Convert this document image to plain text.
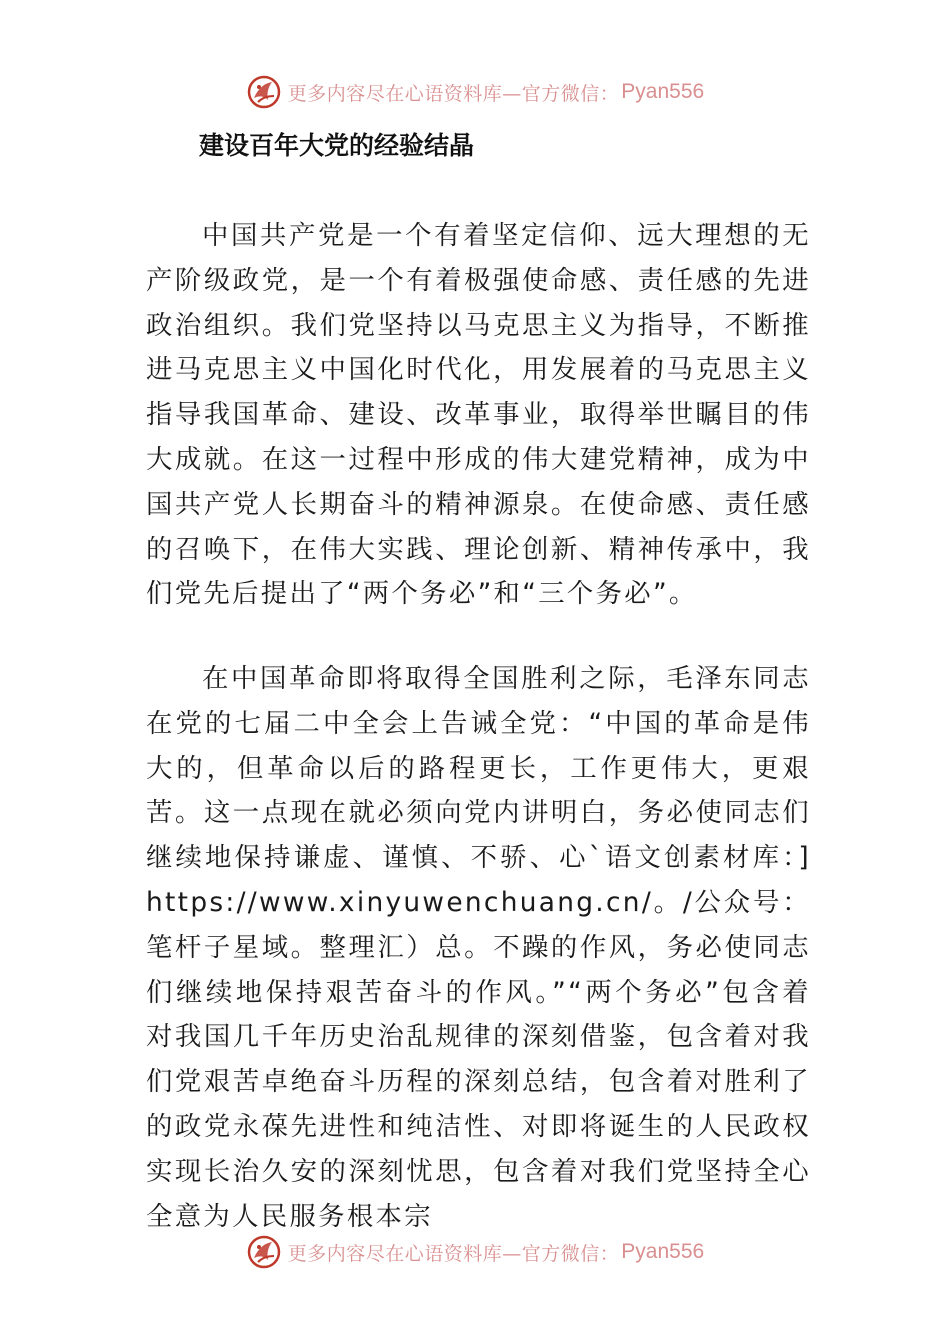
更多内容尽在心语资料库—官方微信： Pyan556
建设百年大党的经验结晶

中国共产党是一个有着坚定信仰、远大理想的无产阶级政党，是一个有着极强使命感、责任感的先进政治组织。我们党坚持以马克思主义为指导，不断推进马克思主义中国化时代化，用发展着的马克思主义指导我国革命、建设、改革事业，取得举世瞩目的伟大成就。在这一过程中形成的伟大建党精神，成为中国共产党人长期奋斗的精神源泉。在使命感、责任感的召唤下，在伟大实践、理论创新、精神传承中，我们党先后提出了“两个务必”和“三个务必”。

在中国革命即将取得全国胜利之际，毛泽东同志在党的七届二中全会上告诫全党：“中国的革命是伟大的，但革命以后的路程更长，工作更伟大，更艰苦。这一点现在就必须向党内讲明白，务必使同志们继续地保持谦虚、谨慎、不骄、心`语文创素材库：]https://www.xinyuwenchuang.cn/。/公众号：笔杆子星域。整理汇）总。不躁的作风，务必使同志们继续地保持艰苦奋斗的作风。”“两个务必”包含着对我国几千年历史治乱规律的深刻借鉴，包含着对我们党艰苦卓绝奋斗历程的深刻总结，包含着对胜利了的政党永葆先进性和纯洁性、对即将诞生的人民政权实现长治久安的深刻忧思，包含着对我们党坚持全心全意为人民服务根本宗

更多内容尽在心语资料库—官方微信： Pyan556
